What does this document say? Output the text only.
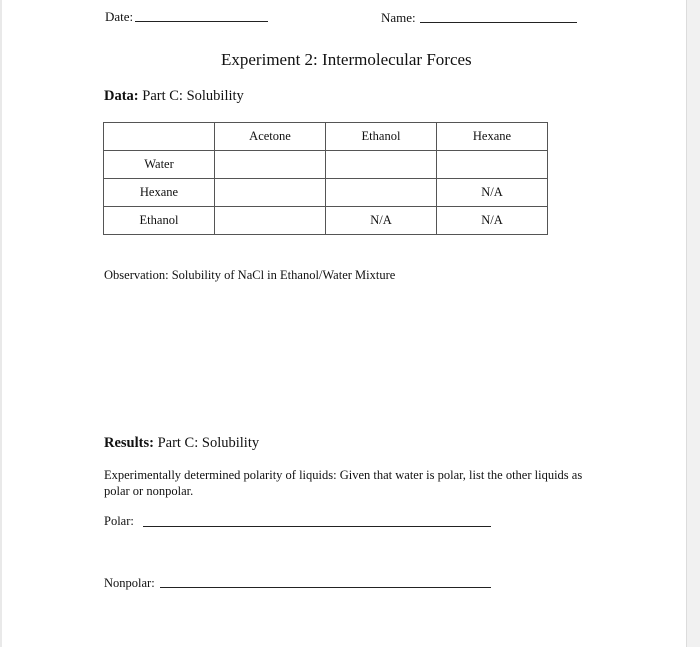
Date:	Name:
Experiment 2: Intermolecular Forces
Data: Part C: Solubility
	Acetone	Ethanol	Hexane
Water			
Hexane			N/A
Ethanol		N/A	N/A
Observation: Solubility of NaCl in Ethanol/Water Mixture
Results: Part C: Solubility
Experimentally determined polarity of liquids: Given that water is polar, list the other liquids as polar or nonpolar.
Polar:
Nonpolar:
